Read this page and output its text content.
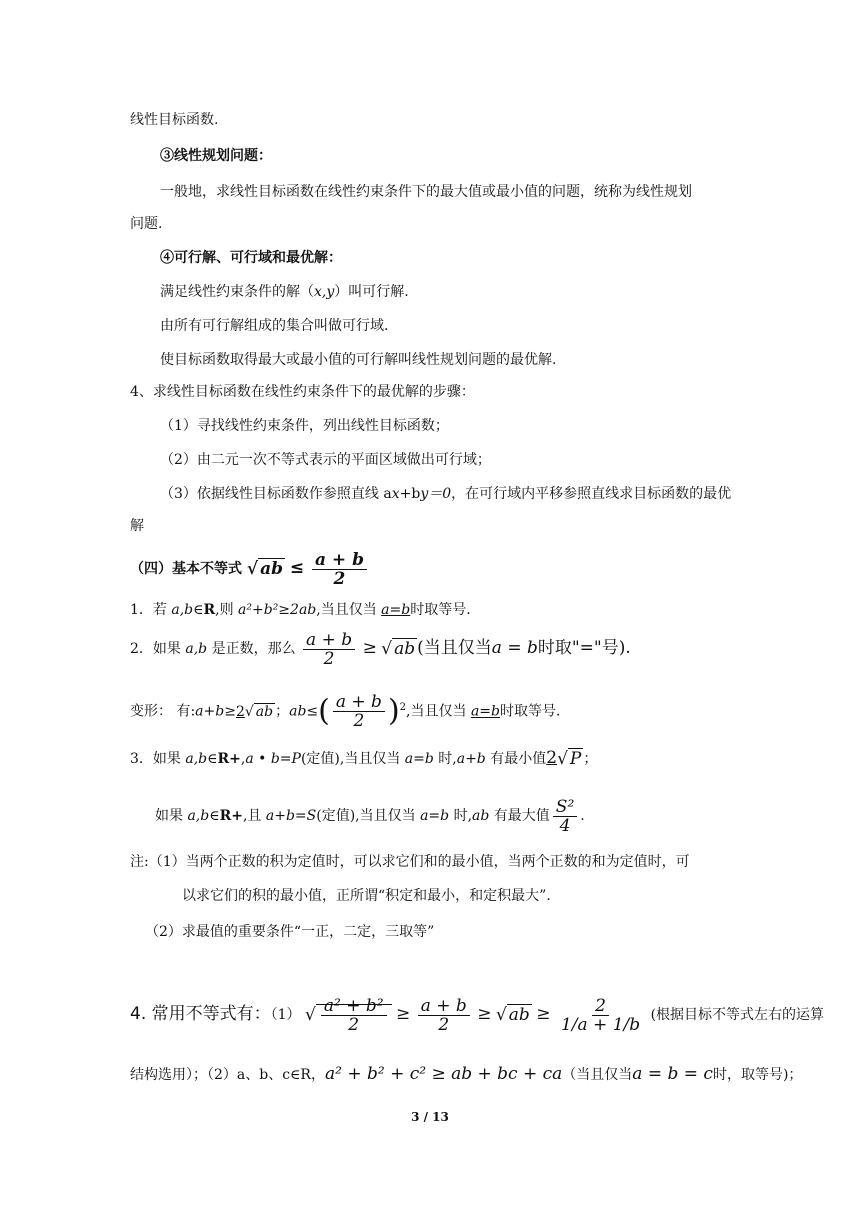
线性目标函数.
③线性规划问题：
一般地，求线性目标函数在线性约束条件下的最大值或最小值的问题，统称为线性规划
问题.
④可行解、可行域和最优解：
满足线性约束条件的解（x,y）叫可行解.
由所有可行解组成的集合叫做可行域.
使目标函数取得最大或最小值的可行解叫线性规划问题的最优解.
4、求线性目标函数在线性约束条件下的最优解的步骤：
（1）寻找线性约束条件，列出线性目标函数；
（2）由二元一次不等式表示的平面区域做出可行域；
（3）依据线性目标函数作参照直线 ax+by＝0，在可行域内平移参照直线求目标函数的最优
解
（四）基本不等式 √ ab ≤ $\frac{a + b}{2}$
1．若 a,b∈R,则 a²+b²≥2ab,当且仅当 a=b时取等号.
2．如果 a,b 是正数，那么 $\frac{a + b}{2}$ ≥ √ ab (当且仅当a = b时取"="号).
变形： 有:a+b≥2√ ab ；$ab\le( \frac{a + b}{2} )^2$,当且仅当 a=b时取等号.
3．如果 a,b∈R+,a • b=P(定值),当且仅当 a=b 时,a+b 有最小值2√ P ；
如果 a,b∈R+,且 a+b=S(定值),当且仅当 a=b 时,ab 有最大值 $\frac{\text{S²}}{4}$ .
注:（1）当两个正数的积为定值时，可以求它们和的最小值，当两个正数的和为定值时，可
以求它们的积的最小值，正所谓“积定和最小，和定积最大”.
（2）求最值的重要条件“一正，二定，三取等”
4. 常用不等式有：（1） √ $\frac{\text{a² + b²}}{2} \ge \frac{a + b}{2}$ ≥ √ ab ≥ $\frac{2}{1/a + 1/b}$ (根据目标不等式左右的运算
结构选用）；（2）a、b、c∈R，a² + b² + c² ≥ ab + bc + ca（当且仅当a = b = c时，取等号)；
3 / 13
